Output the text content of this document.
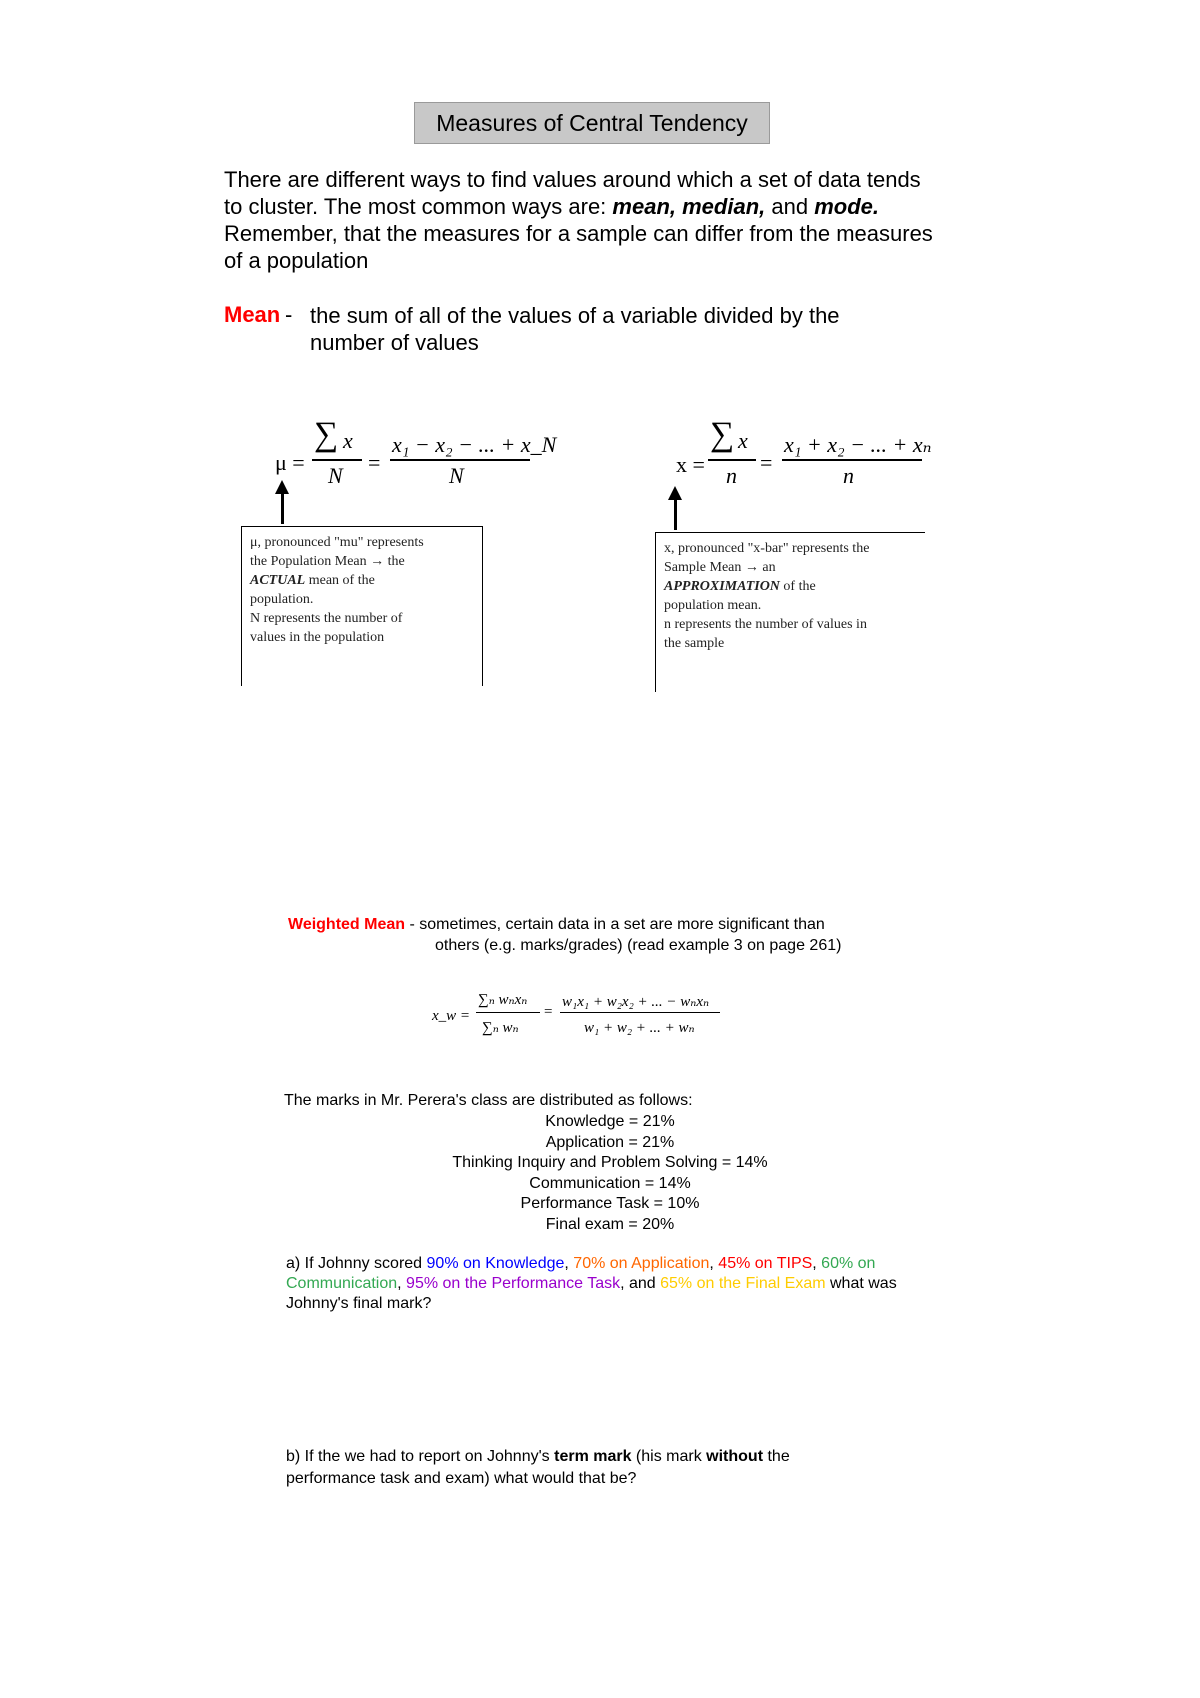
Measures of Central Tendency
There are different ways to find values around which a set of data tends to cluster. The most common ways are: mean, median, and mode. Remember, that the measures for a sample can differ from the measures of a population
Mean - the sum of all of the values of a variable divided by the number of values
μ =
∑ x
N
=
x₁ − x₂ − ... + x_N
N	x =
∑ x
n
=
x₁ + x₂ − ... + xₙ
n
μ, pronounced "mu" represents
the Population Mean → the
ACTUAL mean of the
population.
N represents the number of
values in the population
x, pronounced "x-bar" represents the
Sample Mean → an
APPROXIMATION of the
population mean.
n represents the number of values in
the sample
Weighted Mean - sometimes, certain data in a set are more significant than
others (e.g. marks/grades) (read example 3 on page 261)
x_w =
∑ₙ wₙxₙ
∑ₙ wₙ
=
w₁x₁ + w₂x₂ + ... − wₙxₙ
w₁ + w₂ + ... + wₙ
The marks in Mr. Perera's class are distributed as follows:
Knowledge = 21%
Application = 21%
Thinking Inquiry and Problem Solving = 14%
Communication = 14%
Performance Task = 10%
Final exam = 20%
a) If Johnny scored 90% on Knowledge, 70% on Application, 45% on TIPS, 60% on
Communication, 95% on the Performance Task, and 65% on the Final Exam what was
Johnny's final mark?
b) If the we had to report on Johnny's term mark (his mark without the
performance task and exam) what would that be?
